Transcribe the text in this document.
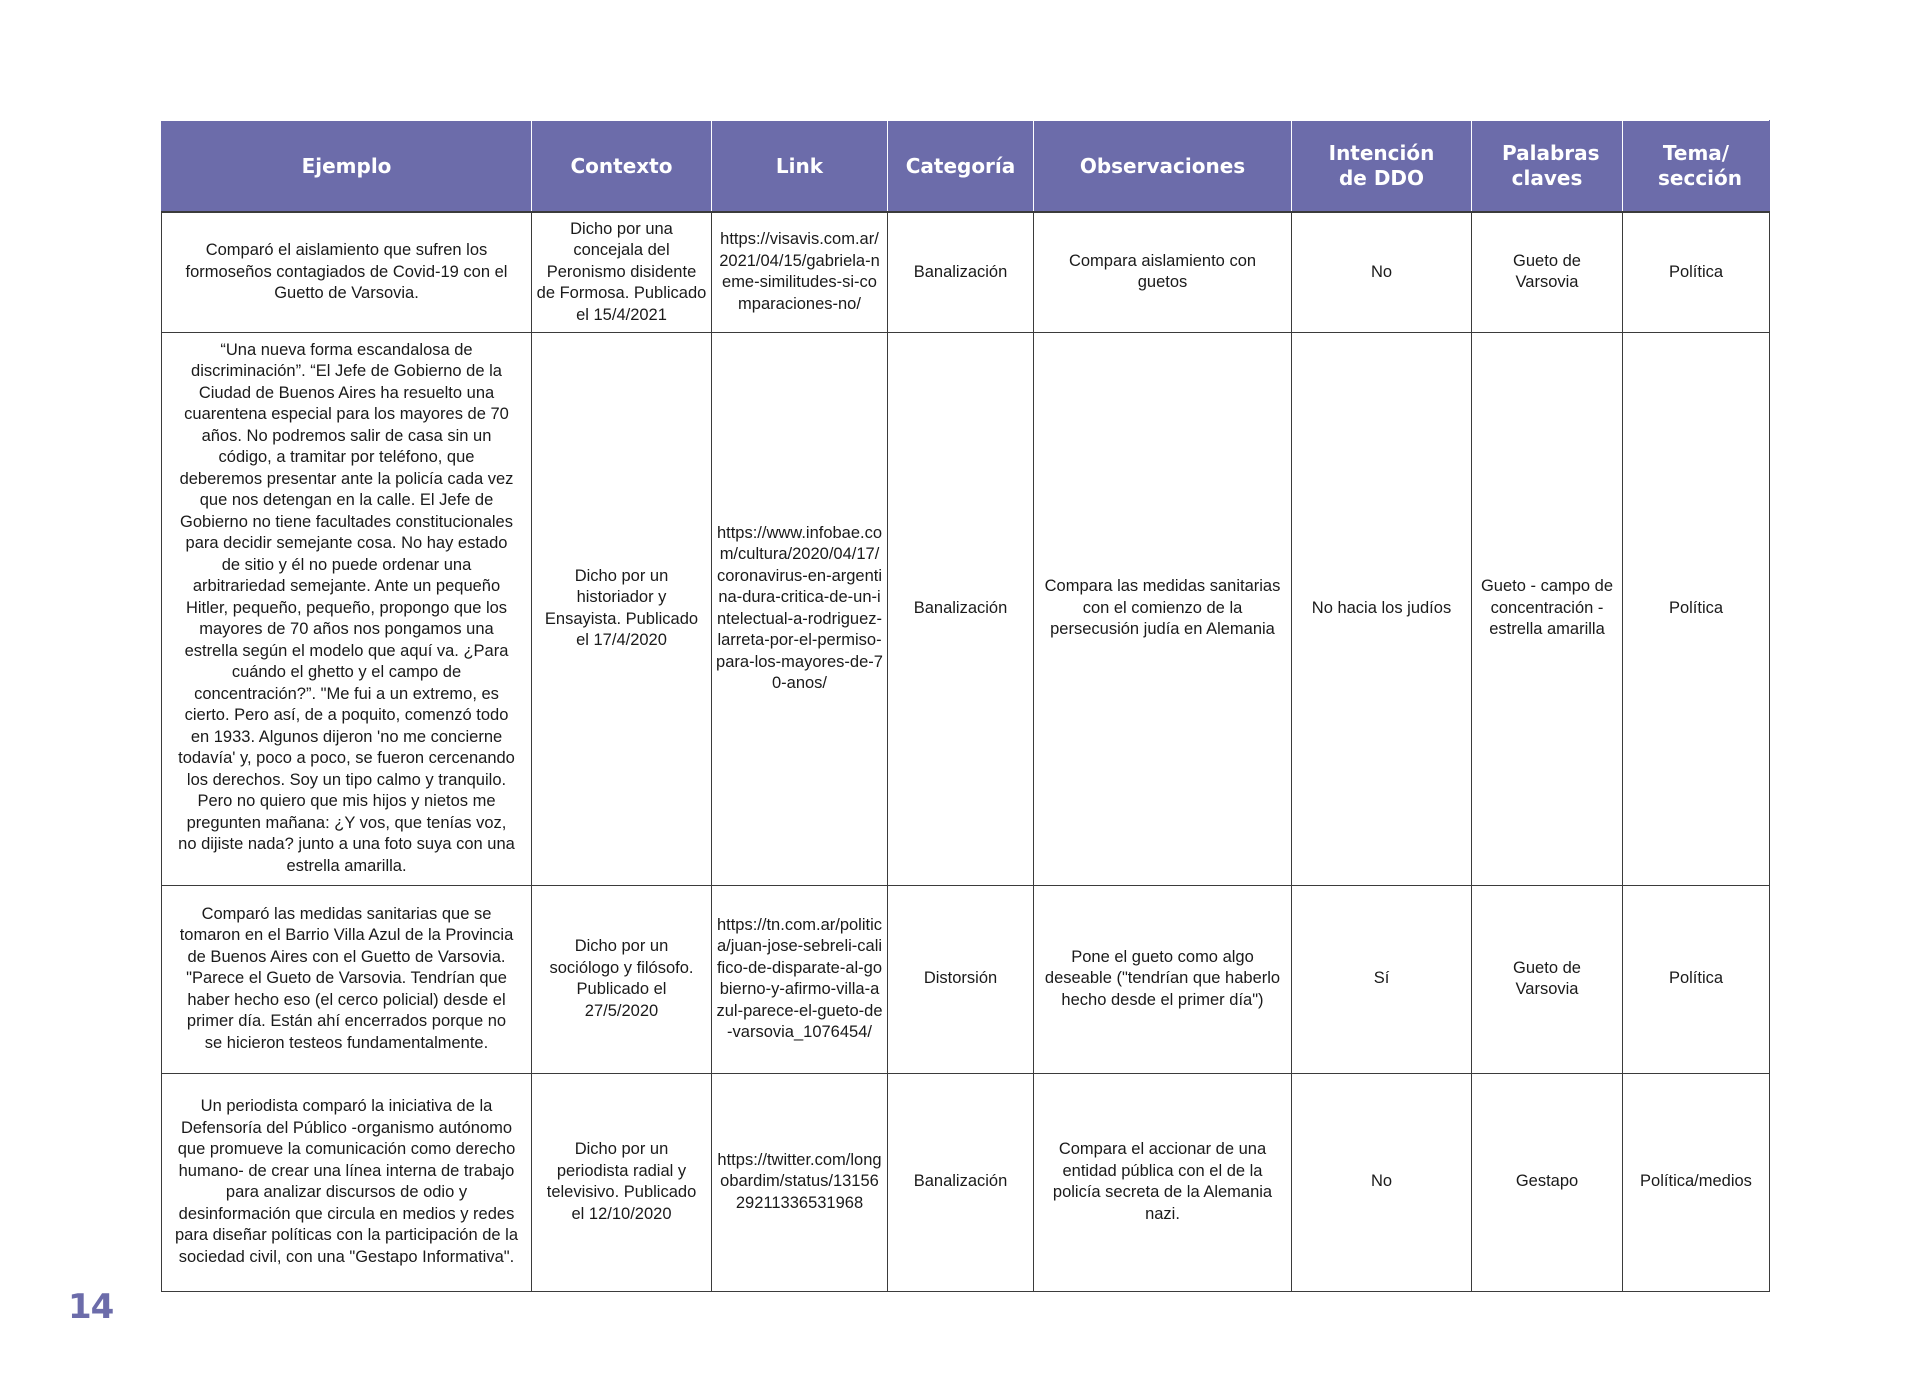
Ejemplo	Contexto	Link	Categoría	Observaciones	Intención de DDO	Palabras claves	Tema/ sección
Comparó el aislamiento que sufren los formoseños contagiados de Covid-19 con el Guetto de Varsovia.	Dicho por una concejala del Peronismo disidente de Formosa. Publicado el 15/4/2021	https://visavis.com.ar/2021/04/15/gabriela-neme-similitudes-si-comparaciones-no/	Banalización	Compara aislamiento con guetos	No	Gueto de Varsovia	Política
“Una nueva forma escandalosa de discriminación”. “El Jefe de Gobierno de la Ciudad de Buenos Aires ha resuelto una cuarentena especial para los mayores de 70 años. No podremos salir de casa sin un código, a tramitar por teléfono, que deberemos presentar ante la policía cada vez que nos detengan en la calle. El Jefe de Gobierno no tiene facultades constitucionales para decidir semejante cosa. No hay estado de sitio y él no puede ordenar una arbitrariedad semejante. Ante un pequeño Hitler, pequeño, pequeño, propongo que los mayores de 70 años nos pongamos una estrella según el modelo que aquí va. ¿Para cuándo el ghetto y el campo de concentración?”. "Me fui a un extremo, es cierto. Pero así, de a poquito, comenzó todo en 1933. Algunos dijeron 'no me concierne todavía' y, poco a poco, se fueron cercenando los derechos. Soy un tipo calmo y tranquilo. Pero no quiero que mis hijos y nietos me pregunten mañana: ¿Y vos, que tenías voz, no dijiste nada? junto a una foto suya con una estrella amarilla.	Dicho por un historiador y Ensayista. Publicado el 17/4/2020	https://www.infobae.com/cultura/2020/04/17/coronavirus-en-argentina-dura-critica-de-un-intelectual-a-rodriguez-larreta-por-el-permiso-para-los-mayores-de-70-anos/	Banalización	Compara las medidas sanitarias con el comienzo de la persecusión judía en Alemania	No hacia los judíos	Gueto - campo de concentración - estrella amarilla	Política
Comparó las medidas sanitarias que se tomaron en el Barrio Villa Azul de la Provincia de Buenos Aires con el Guetto de Varsovia. "Parece el Gueto de Varsovia. Tendrían que haber hecho eso (el cerco policial) desde el primer día. Están ahí encerrados porque no se hicieron testeos fundamentalmente.	Dicho por un sociólogo y filósofo. Publicado el 27/5/2020	https://tn.com.ar/politica/juan-jose-sebreli-califico-de-disparate-al-gobierno-y-afirmo-villa-azul-parece-el-gueto-de-varsovia_1076454/	Distorsión	Pone el gueto como algo deseable ("tendrían que haberlo hecho desde el primer día")	Sí	Gueto de Varsovia	Política
Un periodista comparó la iniciativa de la Defensoría del Público -organismo autónomo que promueve la comunicación como derecho humano- de crear una línea interna de trabajo para analizar discursos de odio y desinformación que circula en medios y redes para diseñar políticas con la participación de la sociedad civil, con una "Gestapo Informativa".	Dicho por un periodista radial y televisivo. Publicado el 12/10/2020	https://twitter.com/longobardim/status/1315629211336531968	Banalización	Compara el accionar de una entidad pública con el de la policía secreta de la Alemania nazi.	No	Gestapo	Política/medios
14
